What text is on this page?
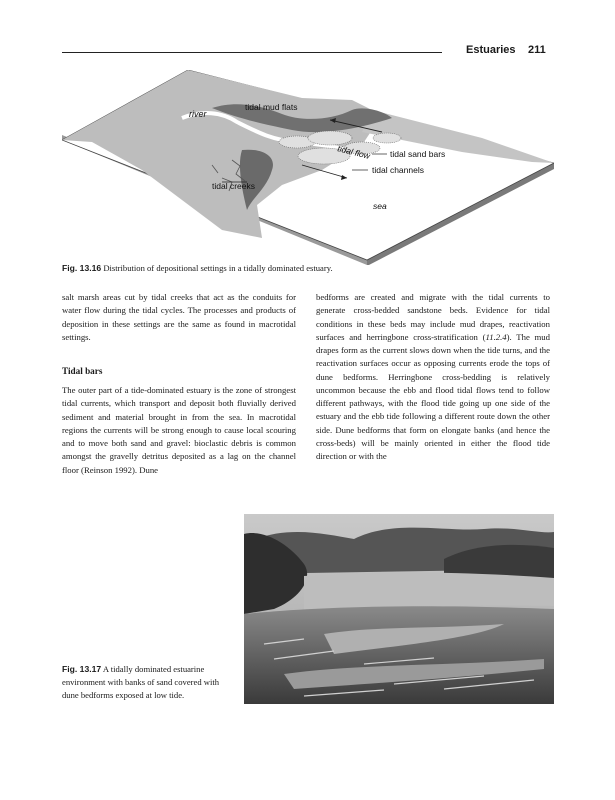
Estuaries 211
river
tidal mud flats
tidal flow tidal sand bars
tidal channels
tidal creeks
sea
Fig. 13.16 Distribution of depositional settings in a tidally dominated estuary.

salt marsh areas cut by tidal creeks that act as the conduits for water flow during the tidal cycles. The processes and products of deposition in these settings are the same as found in macrotidal settings.

Tidal bars

The outer part of a tide-dominated estuary is the zone of strongest tidal currents, which transport and deposit both fluvially derived sediment and material brought in from the sea. In macrotidal regions the currents will be strong enough to cause local scouring and to move both sand and gravel: bioclastic debris is common amongst the gravelly detritus deposited as a lag on the channel floor (Reinson 1992). Dune

bedforms are created and migrate with the tidal currents to generate cross-bedded sandstone beds. Evidence for tidal conditions in these beds may include mud drapes, reactivation surfaces and herringbone cross-stratification (11.2.4). The mud drapes form as the current slows down when the tide turns, and the reactivation surfaces occur as opposing currents erode the tops of dune bedforms. Herringbone cross-bedding is relatively uncommon because the ebb and flood tidal flows tend to follow different pathways, with the flood tide going up one side of the estuary and the ebb tide following a different route down the other side. Dune bedforms that form on elongate banks (and hence the cross-beds) will be mainly oriented in either the flood tide direction or with the

Fig. 13.17 A tidally dominated estuarine environment with banks of sand covered with dune bedforms exposed at low tide.
